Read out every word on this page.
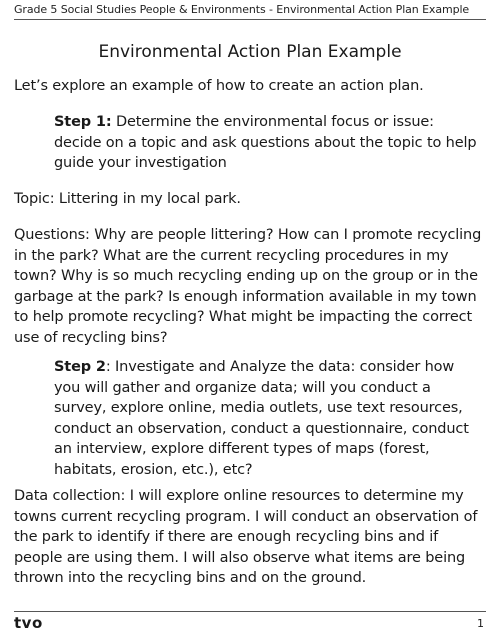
Grade 5 Social Studies People & Environments - Environmental Action Plan Example
Environmental Action Plan Example

Let’s explore an example of how to create an action plan.

Step 1: Determine the environmental focus or issue: decide on a topic and ask questions about the topic to help guide your investigation

Topic: Littering in my local park.

Questions: Why are people littering? How can I promote recycling in the park? What are the current recycling procedures in my town? Why is so much recycling ending up on the group or in the garbage at the park? Is enough information available in my town to help promote recycling? What might be impacting the correct use of recycling bins?

Step 2: Investigate and Analyze the data: consider how you will gather and organize data; will you conduct a survey, explore online, media outlets, use text resources, conduct an observation, conduct a questionnaire, conduct an interview, explore different types of maps (forest, habitats, erosion, etc.), etc?

Data collection: I will explore online resources to determine my towns current recycling program. I will conduct an observation of the park to identify if there are enough recycling bins and if people are using them. I will also observe what items are being thrown into the recycling bins and on the ground.

tvo	1
